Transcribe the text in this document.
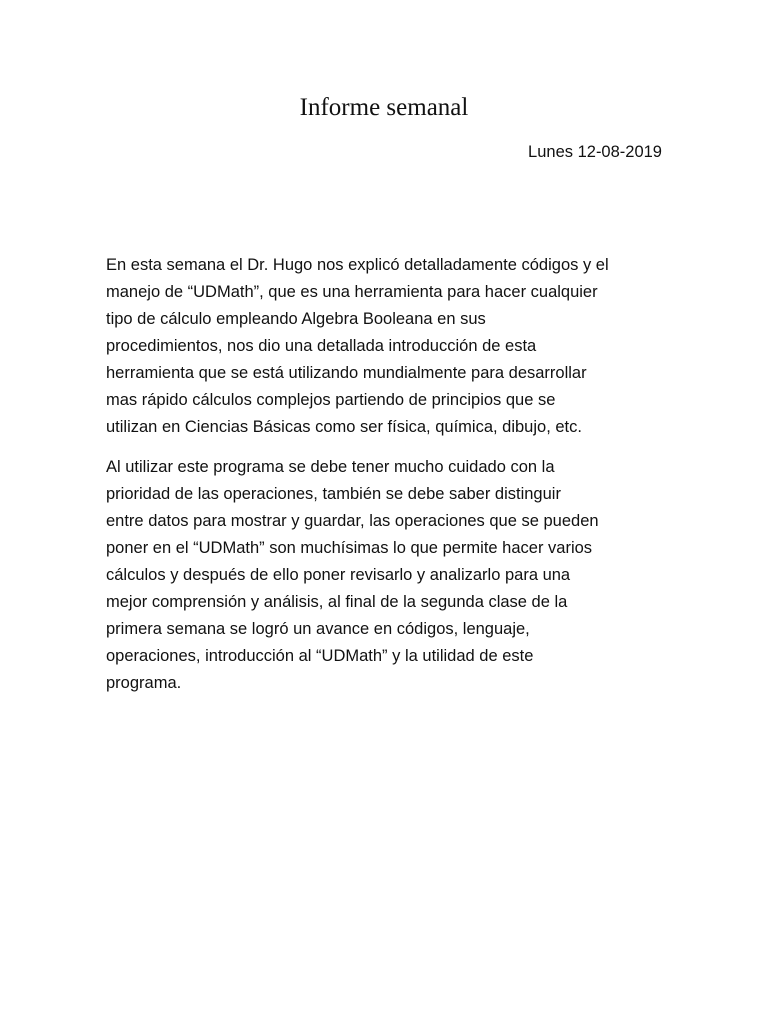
Informe semanal
Lunes 12-08-2019
En esta semana el Dr. Hugo nos explicó detalladamente códigos y el
manejo de “UDMath”, que es una herramienta para hacer cualquier
tipo de cálculo empleando Algebra Booleana en sus
procedimientos, nos dio una detallada introducción de esta
herramienta que se está utilizando mundialmente para desarrollar
mas rápido cálculos complejos partiendo de principios que se
utilizan en Ciencias Básicas como ser física, química, dibujo, etc.
Al utilizar este programa se debe tener mucho cuidado con la
prioridad de las operaciones, también se debe saber distinguir
entre datos para mostrar y guardar, las operaciones que se pueden
poner en el “UDMath” son muchísimas lo que permite hacer varios
cálculos y después de ello poner revisarlo y analizarlo para una
mejor comprensión y análisis, al final de la segunda clase de la
primera semana se logró un avance en códigos, lenguaje,
operaciones, introducción al “UDMath” y la utilidad de este
programa.
